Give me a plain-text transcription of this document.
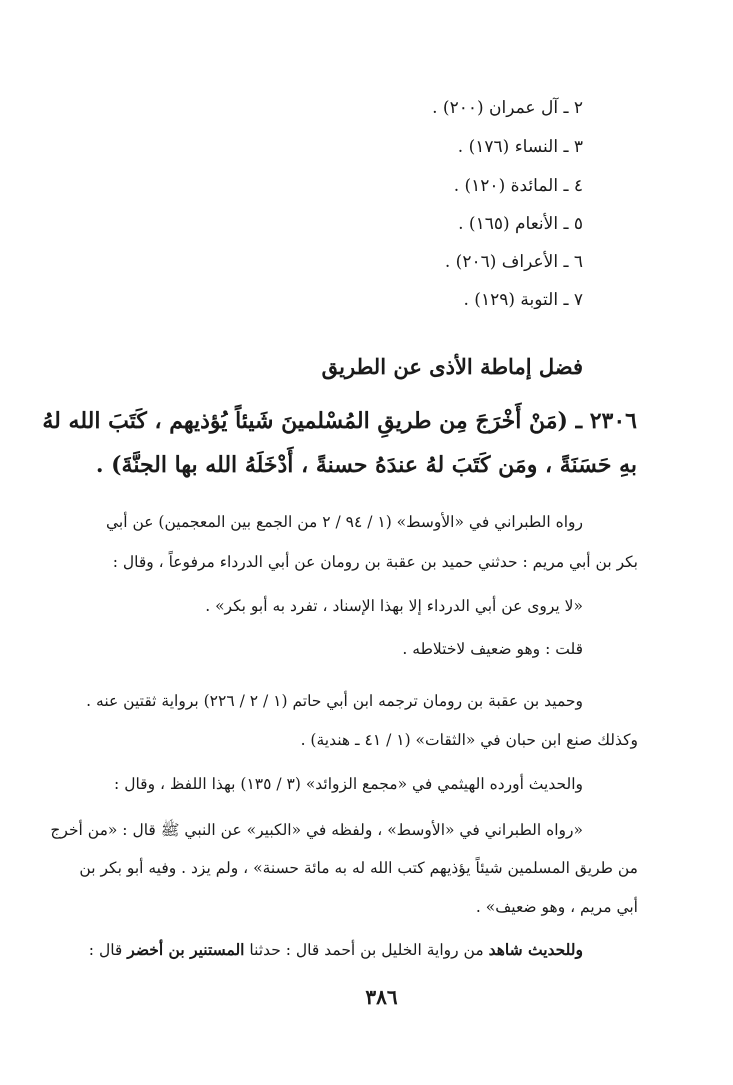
٢ ـ آل عمران (٢٠٠) .
٣ ـ النساء (١٧٦) .
٤ ـ المائدة (١٢٠) .
٥ ـ الأنعام (١٦٥) .
٦ ـ الأعراف (٢٠٦) .
٧ ـ التوبة (١٢٩) .
فضل إماطة الأذى عن الطريق
٢٣٠٦ ـ (مَنْ أَخْرَجَ مِن طريقِ المُسْلمينَ شَيئاً يُؤذيهم ، كَتَبَ الله لهُ
بهِ حَسَنَةً ، ومَن كَتَبَ لهُ عندَهُ حسنةً ، أَدْخَلَهُ الله بها الجنَّةَ) .
رواه الطبراني في «الأوسط» (١ / ٩٤ / ٢ من الجمع بين المعجمين) عن أبي
بكر بن أبي مريم : حدثني حميد بن عقبة بن رومان عن أبي الدرداء مرفوعاً ، وقال :
«لا يروى عن أبي الدرداء إلا بهذا الإسناد ، تفرد به أبو بكر» .
قلت : وهو ضعيف لاختلاطه .
وحميد بن عقبة بن رومان ترجمه ابن أبي حاتم (١ / ٢ / ٢٢٦) برواية ثقتين عنه .
وكذلك صنع ابن حبان في «الثقات» (١ / ٤١ ـ هندية) .
والحديث أورده الهيثمي في «مجمع الزوائد» (٣ / ١٣٥) بهذا اللفظ ، وقال :
«رواه الطبراني في «الأوسط» ، ولفظه في «الكبير» عن النبي ﷺ قال : «من أخرج
من طريق المسلمين شيئاً يؤذيهم كتب الله له به مائة حسنة» ، ولم يزد . وفيه أبو بكر بن
أبي مريم ، وهو ضعيف» .
وللحديث شاهد من رواية الخليل بن أحمد قال : حدثنا المستنير بن أخضر قال :
٣٨٦
